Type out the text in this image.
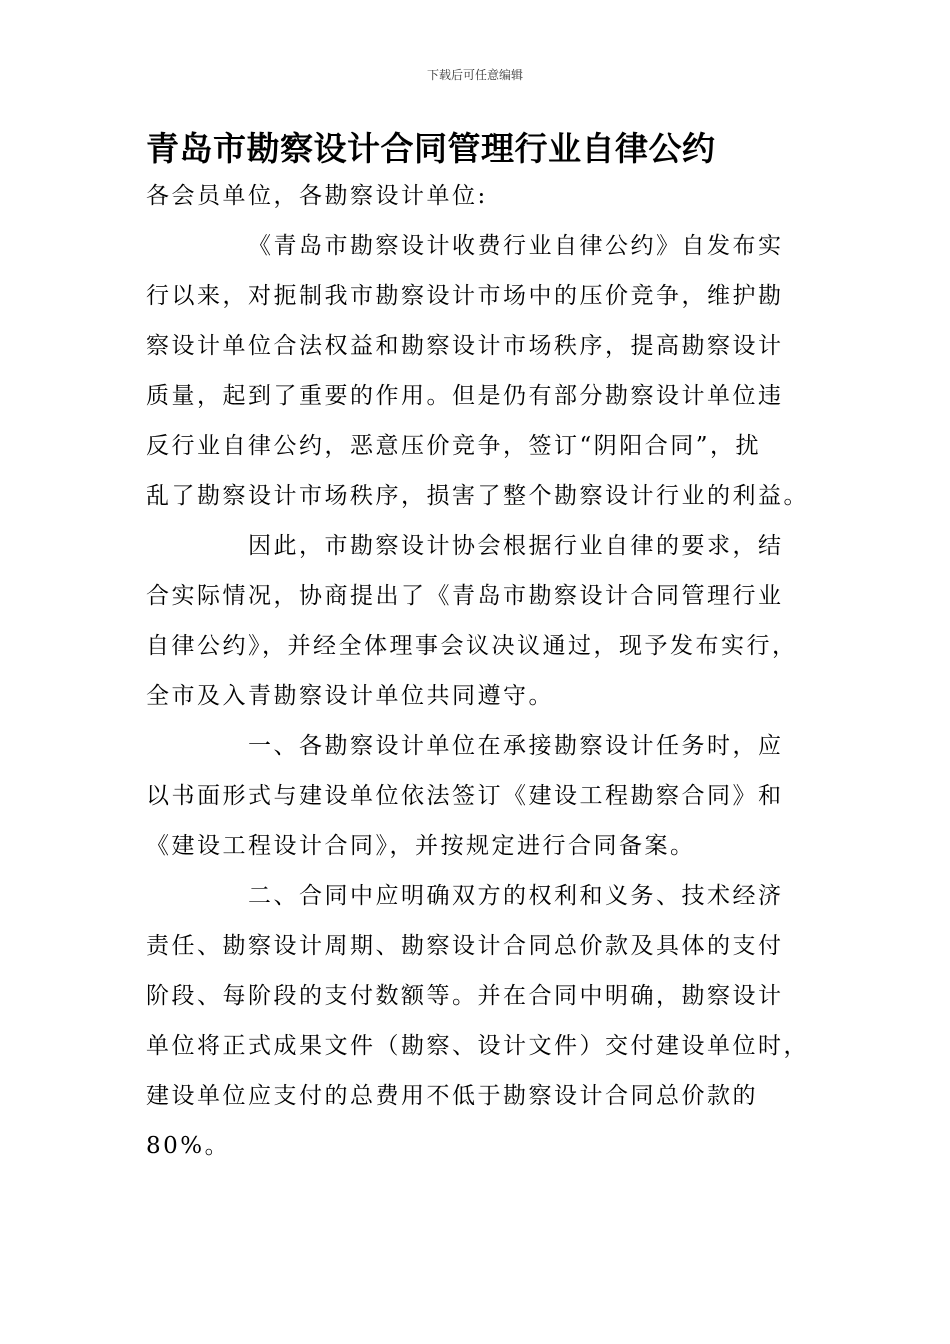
下载后可任意编辑
青岛市勘察设计合同管理行业自律公约
各会员单位，各勘察设计单位:
《青岛市勘察设计收费行业自律公约》自发布实
行以来，对扼制我市勘察设计市场中的压价竞争，维护勘
察设计单位合法权益和勘察设计市场秩序，提高勘察设计
质量，起到了重要的作用。但是仍有部分勘察设计单位违
反行业自律公约，恶意压价竞争，签订“阴阳合同”，扰
乱了勘察设计市场秩序，损害了整个勘察设计行业的利益。
因此，市勘察设计协会根据行业自律的要求，结
合实际情况，协商提出了《青岛市勘察设计合同管理行业
自律公约》，并经全体理事会议决议通过，现予发布实行，
全市及入青勘察设计单位共同遵守。
一、各勘察设计单位在承接勘察设计任务时，应
以书面形式与建设单位依法签订《建设工程勘察合同》和
《建设工程设计合同》，并按规定进行合同备案。
二、合同中应明确双方的权利和义务、技术经济
责任、勘察设计周期、勘察设计合同总价款及具体的支付
阶段、每阶段的支付数额等。并在合同中明确，勘察设计
单位将正式成果文件（勘察、设计文件）交付建设单位时，
建设单位应支付的总费用不低于勘察设计合同总价款的
80%。
